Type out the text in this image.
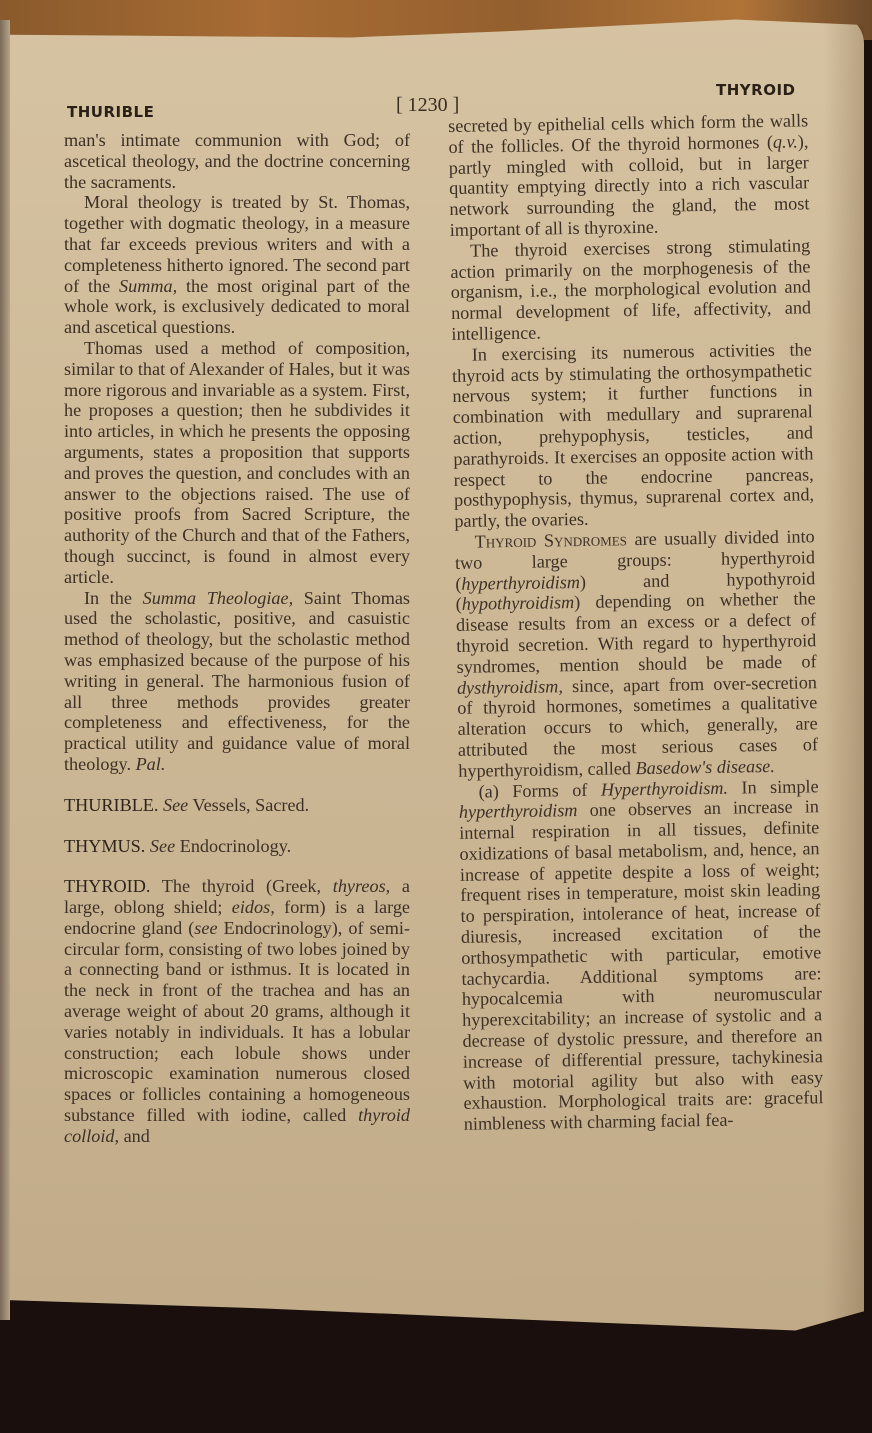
THURIBLE	[ 1230 ]
THYROID

man's intimate communion with God; of ascetical theology, and the doctrine concerning the sacraments.

Moral theology is treated by St. Thomas, together with dogmatic theology, in a measure that far exceeds previous writers and with a completeness hitherto ignored. The second part of the Summa, the most original part of the whole work, is exclusively dedicated to moral and ascetical questions.

Thomas used a method of composition, similar to that of Alexander of Hales, but it was more rigorous and invariable as a system. First, he proposes a question; then he subdivides it into articles, in which he presents the opposing arguments, states a proposition that supports and proves the question, and concludes with an answer to the objections raised. The use of positive proofs from Sacred Scripture, the authority of the Church and that of the Fathers, though succinct, is found in almost every article.

In the Summa Theologiae, Saint Thomas used the scholastic, positive, and casuistic method of theology, but the scholastic method was emphasized because of the purpose of his writing in general. The harmonious fusion of all three methods provides greater completeness and effectiveness, for the practical utility and guidance value of moral theology. Pal.

THURIBLE. See Vessels, Sacred.

THYMUS. See Endocrinology.

THYROID. The thyroid (Greek, thyreos, a large, oblong shield; eidos, form) is a large endocrine gland (see Endocrinology), of semi-circular form, consisting of two lobes joined by a connecting band or isthmus. It is located in the neck in front of the trachea and has an average weight of about 20 grams, although it varies notably in individuals. It has a lobular construction; each lobule shows under microscopic examination numerous closed spaces or follicles containing a homogeneous substance filled with iodine, called thyroid colloid, and

secreted by epithelial cells which form the walls of the follicles. Of the thyroid hormones (q.v.), partly mingled with colloid, but in larger quantity emptying directly into a rich vascular network surrounding the gland, the most important of all is thyroxine.

The thyroid exercises strong stimulating action primarily on the morphogenesis of the organism, i.e., the morphological evolution and normal development of life, affectivity, and intelligence.

In exercising its numerous activities the thyroid acts by stimulating the orthosympathetic nervous system; it further functions in combination with medullary and suprarenal action, prehypophysis, testicles, and parathyroids. It exercises an opposite action with respect to the endocrine pancreas, posthypophysis, thymus, suprarenal cortex and, partly, the ovaries.

Thyroid Syndromes are usually divided into two large groups: hyperthyroid (hyperthyroidism) and hypothyroid (hypothyroidism) depending on whether the disease results from an excess or a defect of thyroid secretion. With regard to hyperthyroid syndromes, mention should be made of dysthyroidism, since, apart from over-secretion of thyroid hormones, sometimes a qualitative alteration occurs to which, generally, are attributed the most serious cases of hyperthyroidism, called Basedow's disease.

(a) Forms of Hyperthyroidism. In simple hyperthyroidism one observes an increase in internal respiration in all tissues, definite oxidizations of basal metabolism, and, hence, an increase of appetite despite a loss of weight; frequent rises in temperature, moist skin leading to perspiration, intolerance of heat, increase of diuresis, increased excitation of the orthosympathetic with particular, emotive tachycardia. Additional symptoms are: hypocalcemia with neuromuscular hyperexcitability; an increase of systolic and a decrease of dystolic pressure, and therefore an increase of differential pressure, tachykinesia with motorial agility but also with easy exhaustion. Morphological traits are: graceful nimbleness with charming facial fea-
